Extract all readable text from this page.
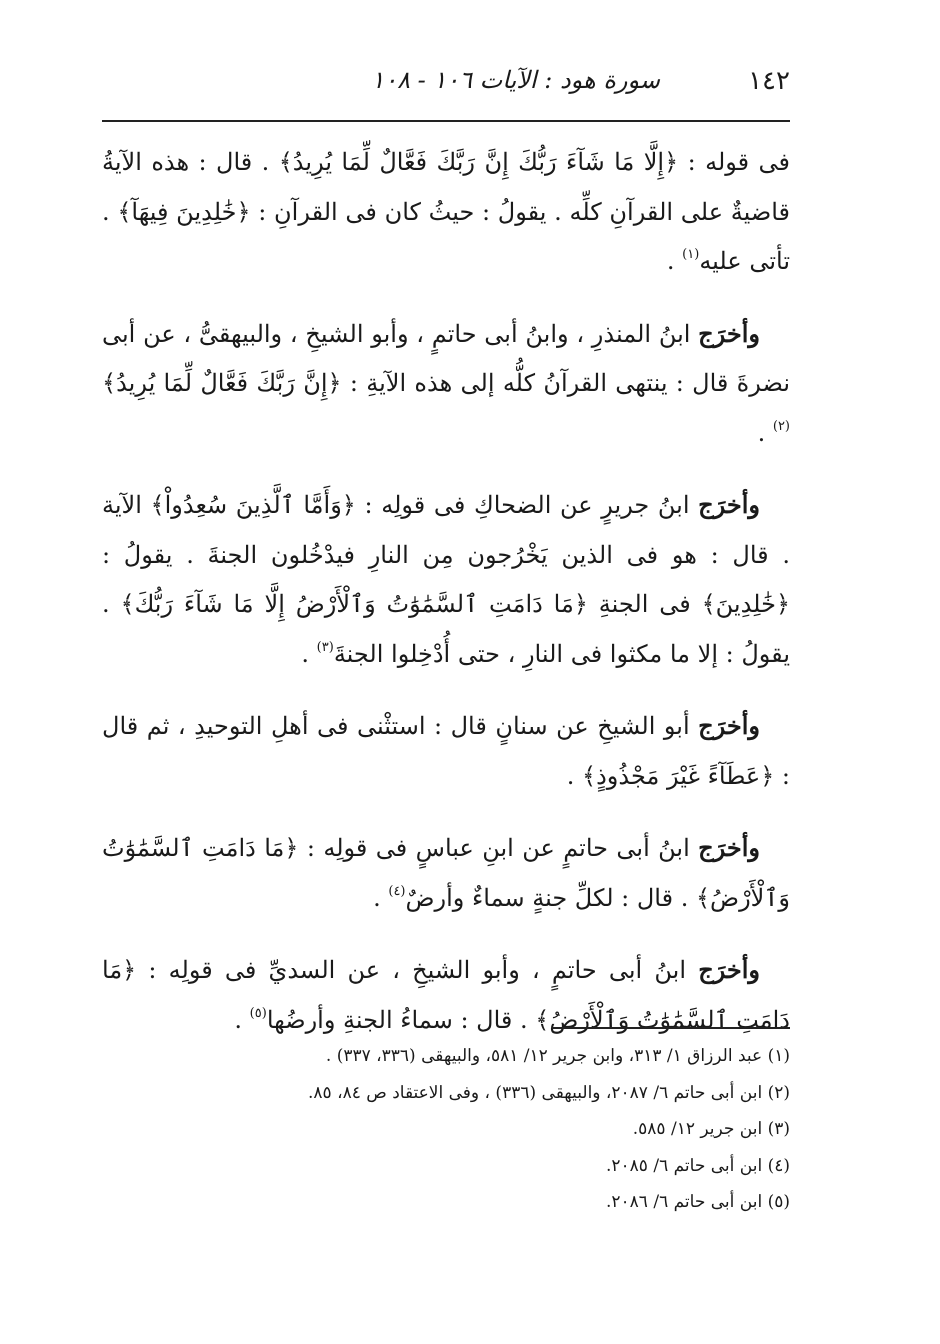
١٤٢
سورة هود : الآيات ١٠٦ - ١٠٨

فى قوله : ﴿إِلَّا مَا شَآءَ رَبُّكَ إِنَّ رَبَّكَ فَعَّالٌ لِّمَا يُرِيدُ﴾ . قال : هذه الآيةُ قاضيةٌ على القرآنِ كلِّه . يقولُ : حيثُ كان فى القرآنِ : ﴿خَٰلِدِينَ فِيهَآ﴾ . تأتى عليه$^{(١)}$ .

وأخرَج ابنُ المنذرِ ، وابنُ أبى حاتمٍ ، وأبو الشيخِ ، والبيهقىُّ ، عن أبى نضرةَ قال : ينتهى القرآنُ كلُّه إلى هذه الآيةِ : ﴿إِنَّ رَبَّكَ فَعَّالٌ لِّمَا يُرِيدُ﴾$^{(٢)}$ .

وأخرَج ابنُ جريرٍ عن الضحاكِ فى قولِه : ﴿وَأَمَّا ٱلَّذِينَ سُعِدُواْ﴾ الآية . قال : هو فى الذين يَخْرُجون مِن النارِ فيدْخُلون الجنةَ . يقولُ : ﴿خَٰلِدِينَ﴾ فى الجنةِ ﴿مَا دَامَتِ ٱلسَّمَٰوَٰتُ وَٱلْأَرْضُ إِلَّا مَا شَآءَ رَبُّكَ﴾ . يقولُ : إلا ما مكثوا فى النارِ ، حتى أُدْخِلوا الجنةَ$^{(٣)}$ .

وأخرَج أبو الشيخِ عن سنانٍ قال : استثْنى فى أهلِ التوحيدِ ، ثم قال : ﴿عَطَآءً غَيْرَ مَجْذُوذٍ﴾ .

وأخرَج ابنُ أبى حاتمٍ عن ابنِ عباسٍ فى قولِه : ﴿مَا دَامَتِ ٱلسَّمَٰوَٰتُ وَٱلْأَرْضُ﴾ . قال : لكلِّ جنةٍ سماءٌ وأرضٌ$^{(٤)}$ .

وأخرَج ابنُ أبى حاتمٍ ، وأبو الشيخِ ، عن السديِّ فى قولِه : ﴿مَا دَامَتِ ٱلسَّمَٰوَٰتُ وَٱلْأَرْضُ﴾ . قال : سماءُ الجنةِ وأرضُها$^{(٥)}$ .

(١) عبد الرزاق ١/ ٣١٣، وابن جرير ١٢/ ٥٨١، والبيهقى (٣٣٦، ٣٣٧) .

(٢) ابن أبى حاتم ٦/ ٢٠٨٧، والبيهقى (٣٣٦) ، وفى الاعتقاد ص ٨٤، ٨٥.

(٣) ابن جرير ١٢/ ٥٨٥.

(٤) ابن أبى حاتم ٦/ ٢٠٨٥.

(٥) ابن أبى حاتم ٦/ ٢٠٨٦.
